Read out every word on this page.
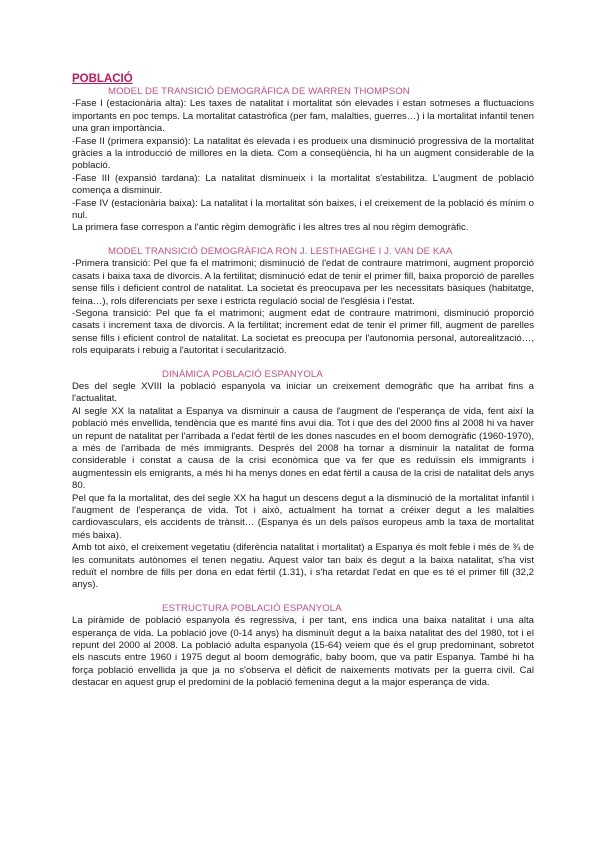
POBLACIÓ

MODEL DE TRANSICIÓ DEMOGRÀFICA DE WARREN THOMPSON

-Fase I (estacionària alta): Les taxes de natalitat i mortalitat són elevades i estan sotmeses a fluctuacions importants en poc temps. La mortalitat catastròfica (per fam, malalties, guerres…) i la mortalitat infantil tenen una gran importància.

-Fase II (primera expansió): La natalitat és elevada i es produeix una disminució progressiva de la mortalitat gràcies a la introducció de millores en la dieta. Com a conseqüència, hi ha un augment considerable de la població.

-Fase III (expansió tardana): La natalitat disminueix i la mortalitat s'estabilitza. L'augment de població comença a disminuir.

-Fase IV (estacionària baixa): La natalitat i la mortalitat són baixes, i el creixement de la població és mínim o nul.

La primera fase correspon a l'antic règim demogràfic i les altres tres al nou règim demogràfic.

MODEL TRANSICIÓ DEMOGRÀFICA RON J. LESTHAEGHE I J. VAN DE KAA

-Primera transició: Pel que fa el matrimoni; disminució de l'edat de contraure matrimoni, augment proporció casats i baixa taxa de divorcis. A la fertilitat; disminució edat de tenir el primer fill, baixa proporció de parelles sense fills i deficient control de natalitat. La societat és preocupava per les necessitats bàsiques (habitatge, feina…), rols diferenciats per sexe i estricta regulació social de l'església i l'estat.

-Segona transició: Pel que fa el matrimoni; augment edat de contraure matrimoni, disminució proporció casats i increment taxa de divorcis. A la fertilitat; increment edat de tenir el primer fill, augment de parelles sense fills i eficient control de natalitat. La societat es preocupa per l'autonomia personal, autorealització…, rols equiparats i rebuig a l'autoritat i secularització.

DINÀMICA POBLACIÓ ESPANYOLA

Des del segle XVIII la població espanyola va iniciar un creixement demogràfic que ha arribat fins a l'actualitat.

Al segle XX la natalitat a Espanya va disminuir a causa de l'augment de l'esperança de vida, fent així la població més envellida, tendència que es manté fins avui dia. Tot i que des del 2000 fins al 2008 hi va haver un repunt de natalitat per l'arribada a l'edat fèrtil de les dones nascudes en el boom demogràfic (1960-1970), a més de l'arribada de més immigrants. Després del 2008 ha tornar a disminuir la natalitat de forma considerable i constat a causa de la crisi econòmica que va fer que es reduïssin els immigrants i augmentessin els emigrants, a més hi ha menys dones en edat fèrtil a causa de la crisi de natalitat dels anys 80.

Pel que fa la mortalitat, des del segle XX ha hagut un descens degut a la disminució de la mortalitat infantil i l'augment de l'esperança de vida. Tot i això, actualment ha tornat a créixer degut a les malalties cardiovasculars, els accidents de trànsit… (Espanya és un dels països europeus amb la taxa de mortalitat més baixa).

Amb tot això, el creixement vegetatiu (diferència natalitat i mortalitat) a Espanya és molt feble i més de ¾ de les comunitats autònomes el tenen negatiu. Aquest valor tan baix és degut a la baixa natalitat, s'ha vist reduït el nombre de fills per dona en edat fèrtil (1.31), i s'ha retardat l'edat en que es té el primer fill (32,2 anys).

ESTRUCTURA POBLACIÓ ESPANYOLA

La piràmide de població espanyola és regressiva, i per tant, ens indica una baixa natalitat i una alta esperança de vida. La població jove (0-14 anys) ha disminuït degut a la baixa natalitat des del 1980, tot i el repunt del 2000 al 2008. La població adulta espanyola (15-64) veiem que és el grup predominant, sobretot els nascuts entre 1960 i 1975 degut al boom demogràfic, baby boom, que va patir Espanya. També hi ha força població envellida ja que ja no s'observa el dèficit de naixements motivats per la guerra civil. Cal destacar en aquest grup el predomini de la població femenina degut a la major esperança de vida.
